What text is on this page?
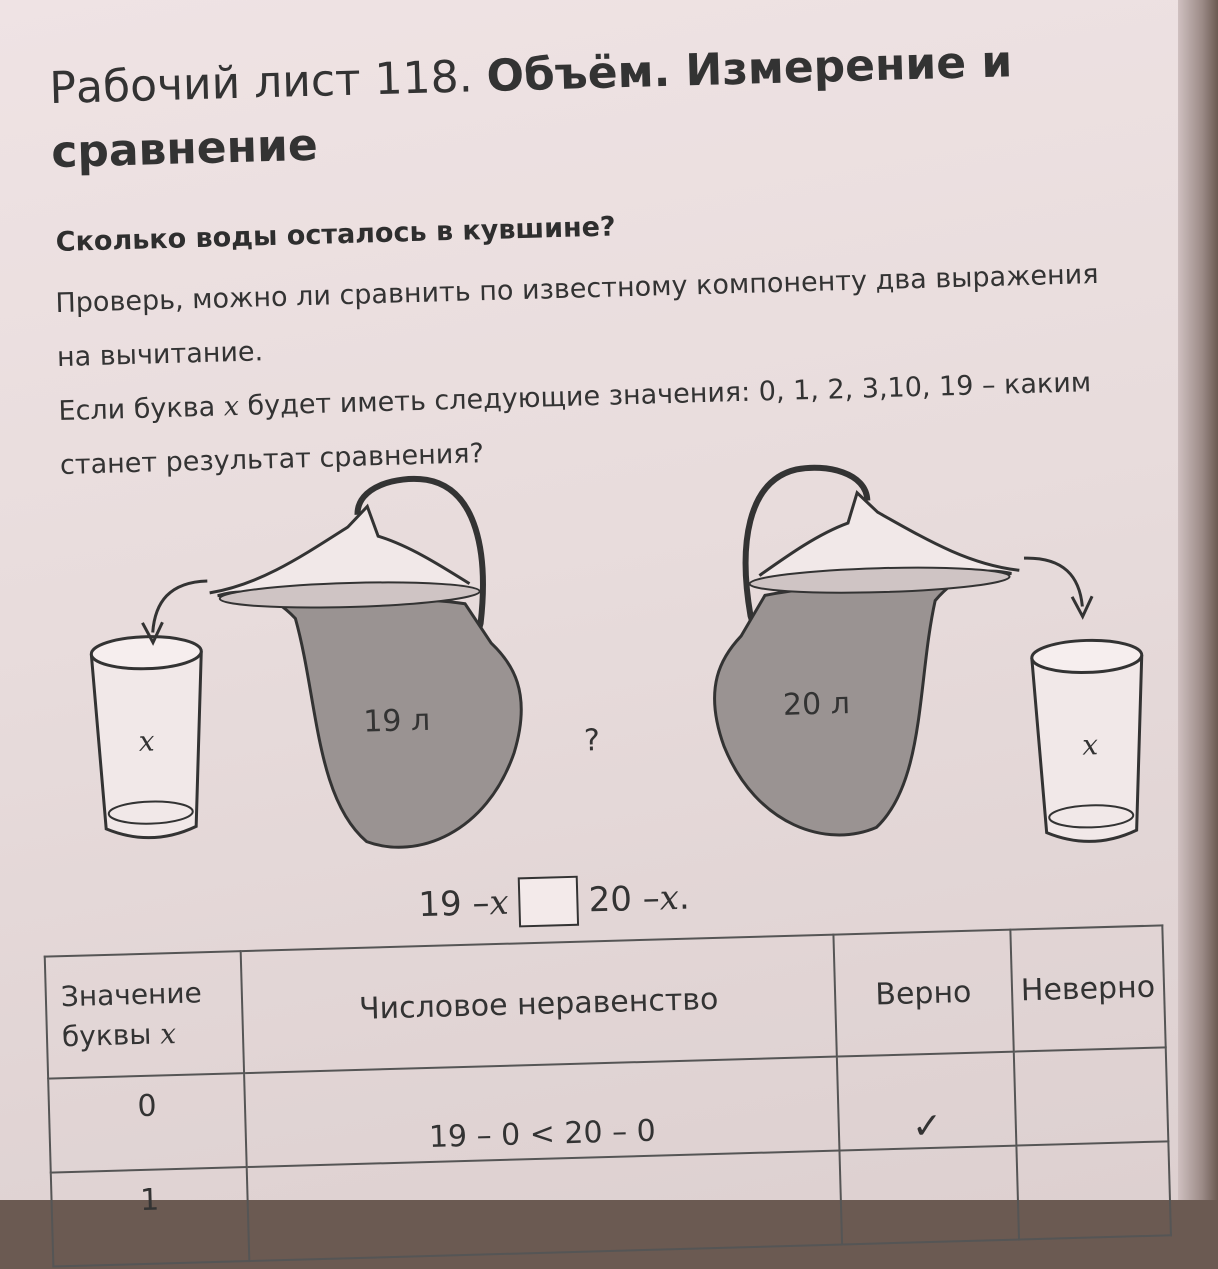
Рабочий лист 118. Объём. Измерение и сравнение
Сколько воды осталось в кувшине?

Проверь, можно ли сравнить по известному компоненту два выражения на вычитание.
Если буква x будет иметь следующие значения: 0, 1, 2, 3,10, 19 – каким станет результат сравнения?

x
19 л
?
20 л
x
19 –
x 20 –
x
.
Значение
буквы x	Числовое неравенство	Верно	Неверно
0	19 – 0 < 20 – 0	✓	
1			
